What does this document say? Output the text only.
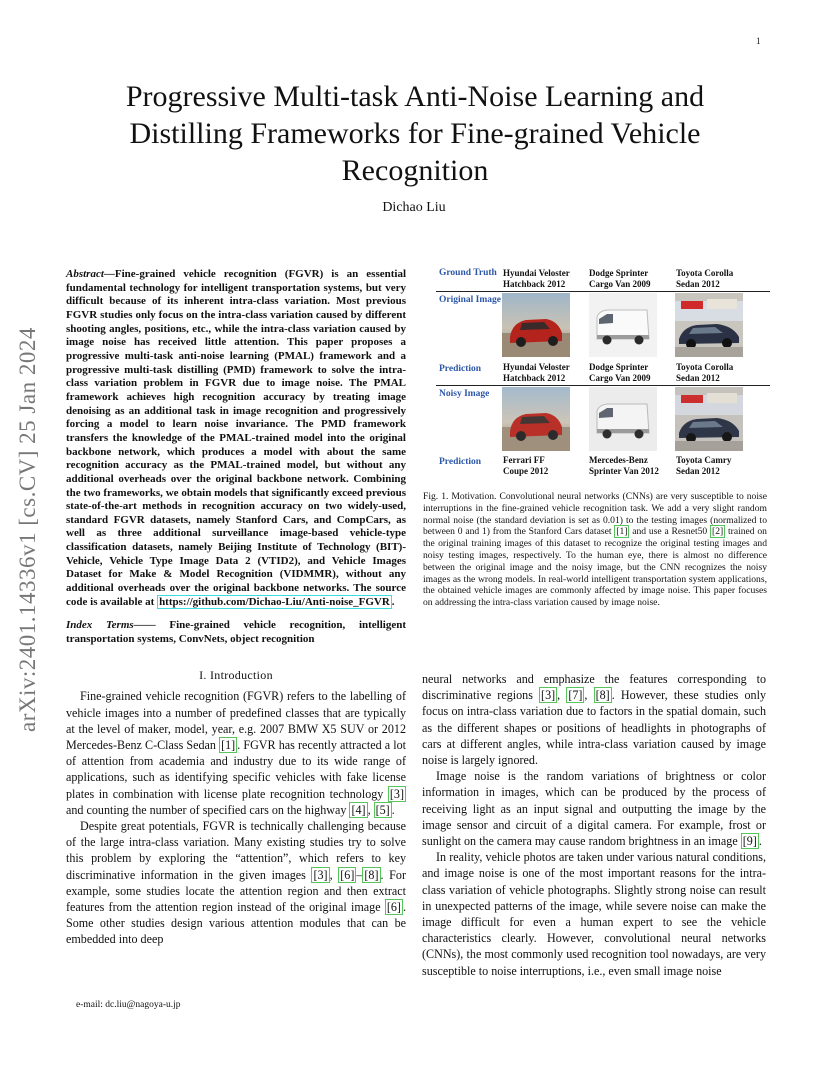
1
arXiv:2401.14336v1 [cs.CV] 25 Jan 2024
Progressive Multi-task Anti-Noise Learning and Distilling Frameworks for Fine-grained Vehicle Recognition
Dichao Liu

Abstract—Fine-grained vehicle recognition (FGVR) is an essential fundamental technology for intelligent transportation systems, but very difficult because of its inherent intra-class variation. Most previous FGVR studies only focus on the intra-class variation caused by different shooting angles, positions, etc., while the intra-class variation caused by image noise has received little attention. This paper proposes a progressive multi-task anti-noise learning (PMAL) framework and a progressive multi-task distilling (PMD) framework to solve the intra-class variation problem in FGVR due to image noise. The PMAL framework achieves high recognition accuracy by treating image denoising as an additional task in image recognition and progressively forcing a model to learn noise invariance. The PMD framework transfers the knowledge of the PMAL-trained model into the original backbone network, which produces a model with about the same recognition accuracy as the PMAL-trained model, but without any additional overheads over the original backbone network. Combining the two frameworks, we obtain models that significantly exceed previous state-of-the-art methods in recognition accuracy on two widely-used, standard FGVR datasets, namely Stanford Cars, and CompCars, as well as three additional surveillance image-based vehicle-type classification datasets, namely Beijing Institute of Technology (BIT)-Vehicle, Vehicle Type Image Data 2 (VTID2), and Vehicle Images Dataset for Make & Model Recognition (VIDMMR), without any additional overheads over the original backbone networks. The source code is available at https://github.com/Dichao-Liu/Anti-noise_FGVR .

Index Terms—— Fine-grained vehicle recognition, intelligent transportation systems, ConvNets, object recognition

I. Introduction

Fine-grained vehicle recognition (FGVR) refers to the labelling of vehicle images into a number of predefined classes that are typically at the level of maker, model, year, e.g. 2007 BMW X5 SUV or 2012 Mercedes-Benz C-Class Sedan [1] . FGVR has recently attracted a lot of attention from academia and industry due to its wide range of applications, such as identifying specific vehicles with fake license plates in combination with license plate recognition technology [3] and counting the number of specified cars on the highway [4] , [5] .

Despite great potentials, FGVR is technically challenging because of the large intra-class variation. Many existing studies try to solve this problem by exploring the “attention”, which refers to key discriminative information in the given images [3] , [6] – [8] . For example, some studies locate the attention region and then extract features from the attention region instead of the original image [6] . Some other studies design various attention modules that can be embedded into deep

e-mail: dc.liu@nagoya-u.jp
Ground Truth Hyundai Veloster
Hatchback 2012
Dodge Sprinter
Cargo Van 2009
Toyota Corolla
Sedan 2012
Original Image
Prediction	Hyundai Veloster
Hatchback 2012
Dodge Sprinter
Cargo Van 2009
Toyota Corolla
Sedan 2012
Noisy Image
Prediction	Ferrari FF
Coupe 2012
Mercedes-Benz
Sprinter Van 2012
Toyota Camry
Sedan 2012
Fig. 1. Motivation. Convolutional neural networks (CNNs) are very susceptible to noise interruptions in the fine-grained vehicle recognition task. We add a very slight random normal noise (the standard deviation is set as 0.01) to the testing images (normalized to between 0 and 1) from the Stanford Cars dataset [1] and use a Resnet50 [2] trained on the original training images of this dataset to recognize the original testing images and noisy testing images, respectively. To the human eye, there is almost no difference between the original image and the noisy image, but the CNN recognizes the noisy images as the wrong models. In real-world intelligent transportation system applications, the obtained vehicle images are commonly affected by image noise. This paper focuses on addressing the intra-class variation caused by image noise.

neural networks and emphasize the features corresponding to discriminative regions [3] , [7] , [8] . However, these studies only focus on intra-class variation due to factors in the spatial domain, such as the different shapes or positions of headlights in photographs of cars at different angles, while intra-class variation caused by image noise is largely ignored.

Image noise is the random variations of brightness or color information in images, which can be produced by the process of receiving light as an input signal and outputting the image by the image sensor and circuit of a digital camera. For example, frost or sunlight on the camera may cause random brightness in an image [9] .

In reality, vehicle photos are taken under various natural conditions, and image noise is one of the most important reasons for the intra-class variation of vehicle photographs. Slightly strong noise can result in unexpected patterns of the image, while severe noise can make the image difficult for even a human expert to see the vehicle characteristics clearly. However, convolutional neural networks (CNNs), the most commonly used recognition tool nowadays, are very susceptible to noise interruptions, i.e., even small image noise
